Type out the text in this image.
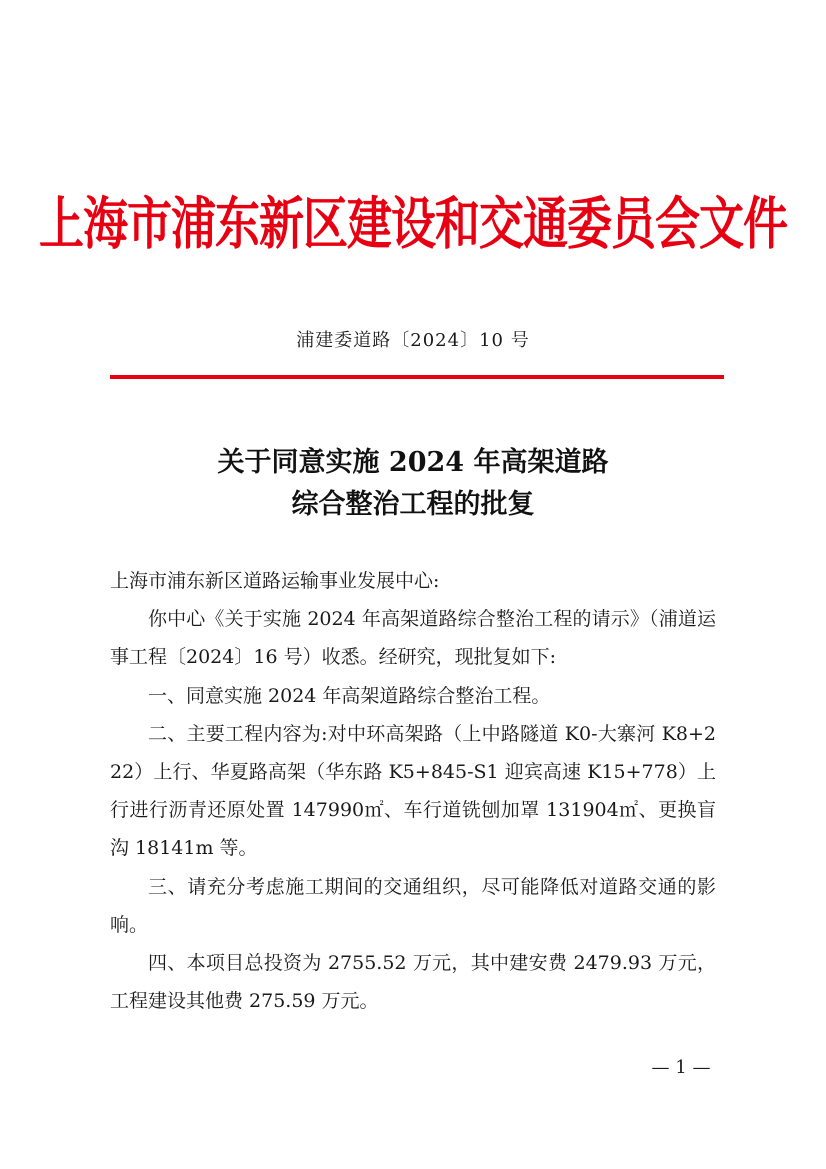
上海市浦东新区建设和交通委员会文件
浦建委道路〔2024〕10 号
关于同意实施 2024 年高架道路
综合整治工程的批复

上海市浦东新区道路运输事业发展中心:

你中心《关于实施 2024 年高架道路综合整治工程的请示》（浦道运事工程〔2024〕16 号）收悉。经研究，现批复如下:

一、同意实施 2024 年高架道路综合整治工程。

二、主要工程内容为:对中环高架路（上中路隧道 K0-大寨河 K8+222）上行、华夏路高架（华东路 K5+845-S1 迎宾高速 K15+778）上行进行沥青还原处置 147990㎡、车行道铣刨加罩 131904㎡、更换盲沟 18141m 等。

三、请充分考虑施工期间的交通组织，尽可能降低对道路交通的影响。

四、本项目总投资为 2755.52 万元，其中建安费 2479.93 万元，工程建设其他费 275.59 万元。

— 1 —
